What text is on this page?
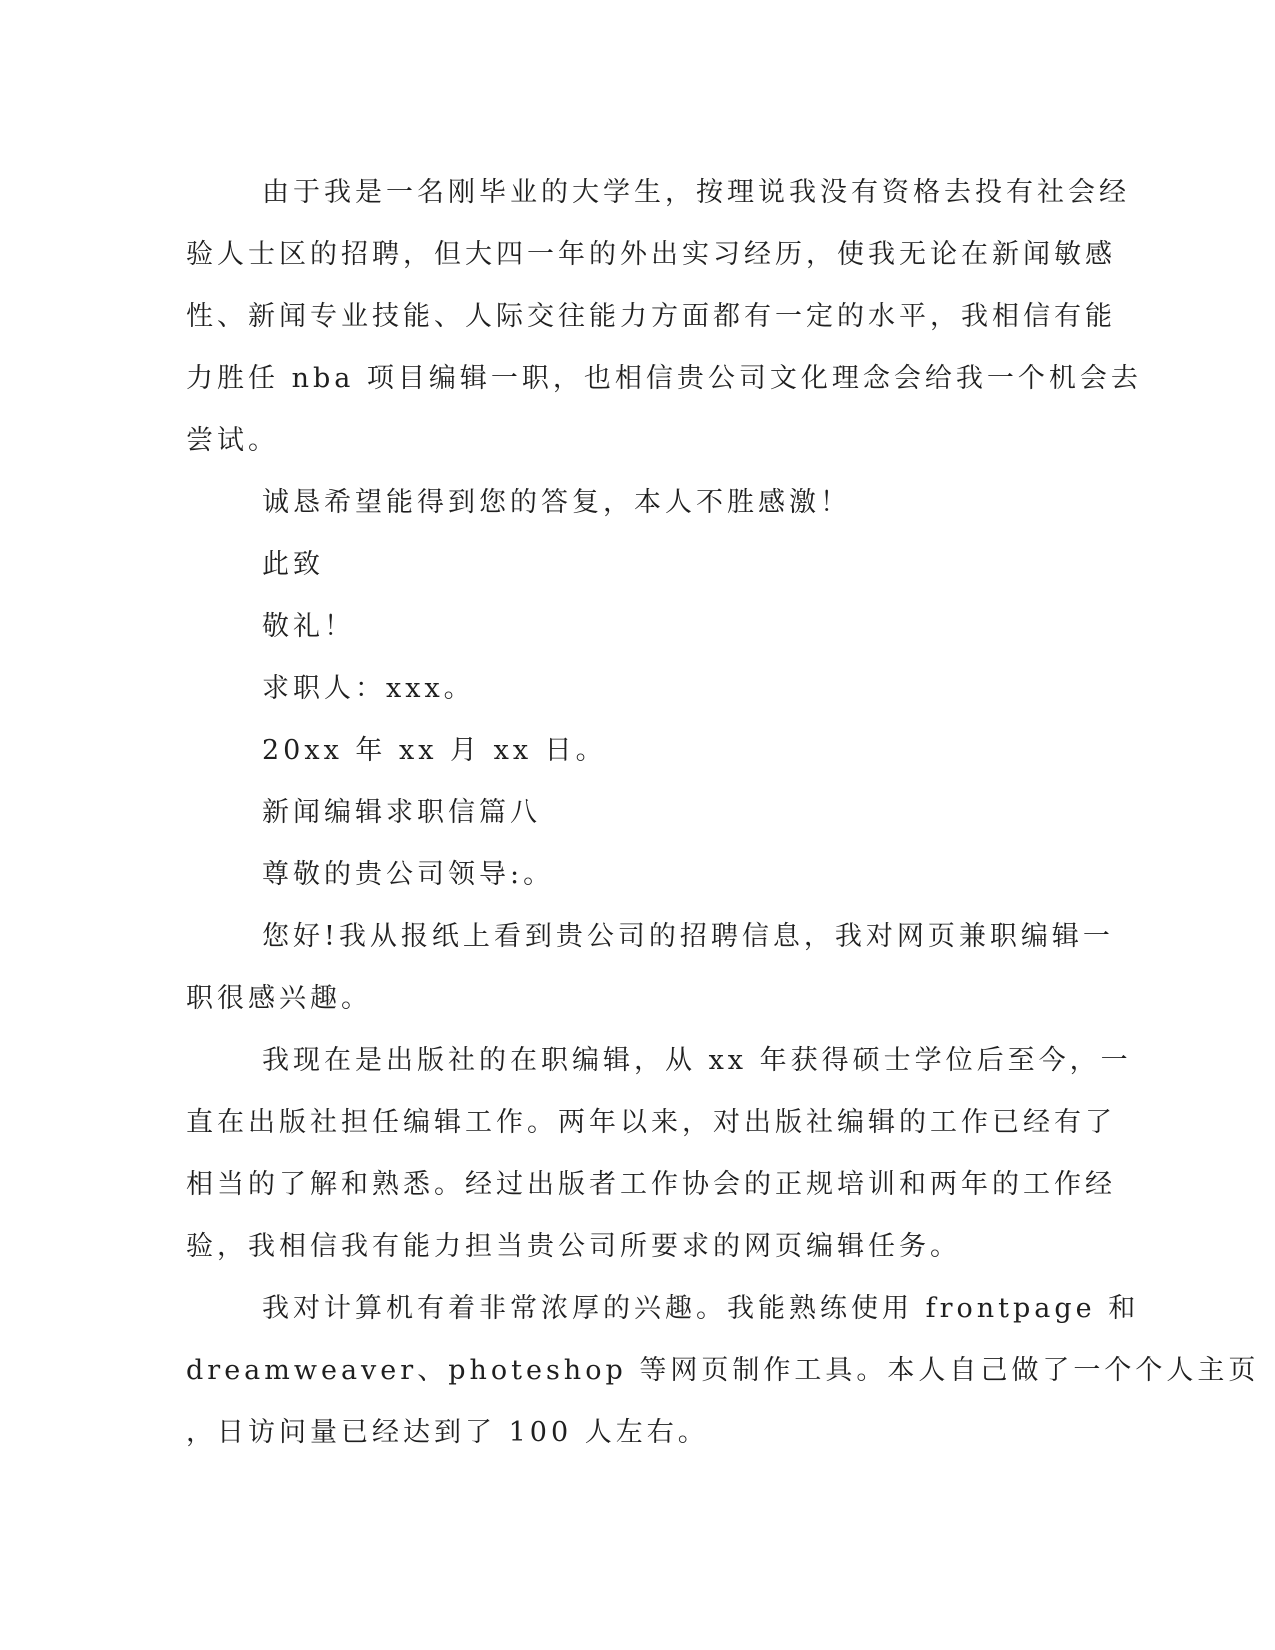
由于我是一名刚毕业的大学生，按理说我没有资格去投有社会经
验人士区的招聘，但大四一年的外出实习经历，使我无论在新闻敏感
性、新闻专业技能、人际交往能力方面都有一定的水平，我相信有能
力胜任 nba 项目编辑一职，也相信贵公司文化理念会给我一个机会去
尝试。
诚恳希望能得到您的答复，本人不胜感激！
此致
敬礼！
求职人：xxx。
20xx 年 xx 月 xx 日。
新闻编辑求职信篇八
尊敬的贵公司领导:。
您好!我从报纸上看到贵公司的招聘信息，我对网页兼职编辑一
职很感兴趣。
我现在是出版社的在职编辑，从 xx 年获得硕士学位后至今，一
直在出版社担任编辑工作。两年以来，对出版社编辑的工作已经有了
相当的了解和熟悉。经过出版者工作协会的正规培训和两年的工作经
验，我相信我有能力担当贵公司所要求的网页编辑任务。
我对计算机有着非常浓厚的兴趣。我能熟练使用 frontpage 和
dreamweaver、photeshop 等网页制作工具。本人自己做了一个个人主页
，日访问量已经达到了 100 人左右。
